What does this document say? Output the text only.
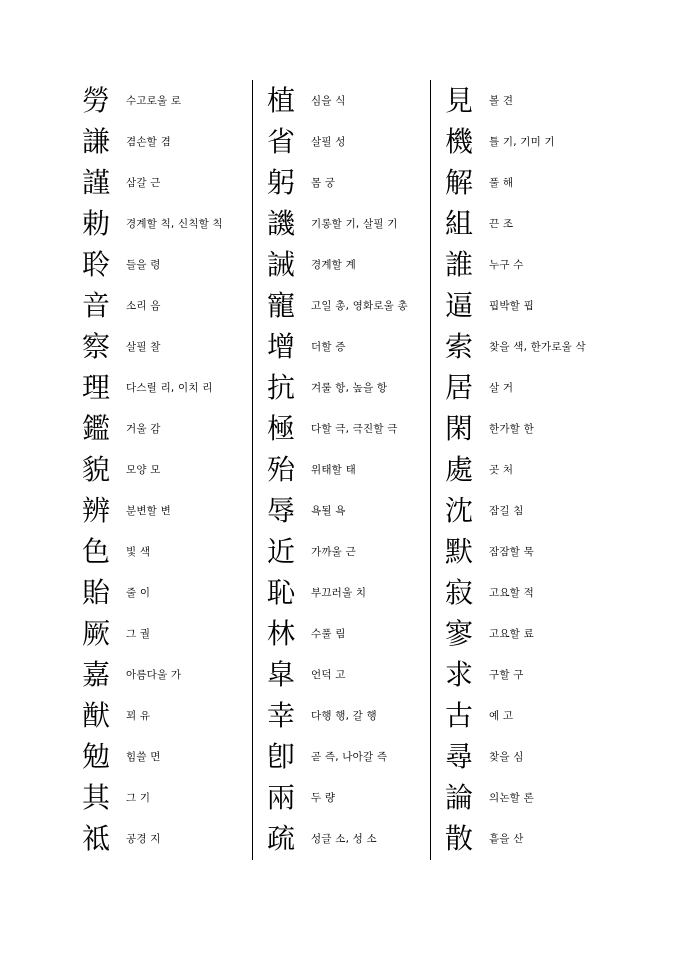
勞	수고로울 로
謙	겸손할 겸
謹	삼갈 근
勅	경계할 칙, 신칙할 칙
聆	들을 령
音	소리 음
察	살필 찰
理	다스릴 리, 이치 리
鑑	거울 감
貌	모양 모
辨	분변할 변
色	빛 색
貽	줄 이
厥	그 궐
嘉	아름다울 가
猷	꾀 유
勉	힘쓸 면
其	그 기
祗	공경 지
植	심을 식
省	살필 성
躬	몸 궁
譏	기롱할 기, 살필 기
誡	경계할 계
寵	고일 총, 영화로울 총
增	더할 증
抗	겨룰 항, 높을 항
極	다할 극, 극진할 극
殆	위태할 태
辱	욕될 욕
近	가까울 근
恥	부끄러울 치
林	수풀 림
皐	언덕 고
幸	다행 행, 갈 행
卽	곧 즉, 나아갈 즉
兩	두 량
疏	성글 소, 성 소
見	볼 견
機	틀 기, 기미 기
解	풀 해
組	끈 조
誰	누구 수
逼	핍박할 핍
索	찾을 색, 한가로울 삭
居	살 거
閑	한가할 한
處	곳 처
沈	잠길 침
默	잠잠할 묵
寂	고요할 적
寥	고요할 료
求	구할 구
古	예 고
尋	찾을 심
論	의논할 론
散	흩을 산
